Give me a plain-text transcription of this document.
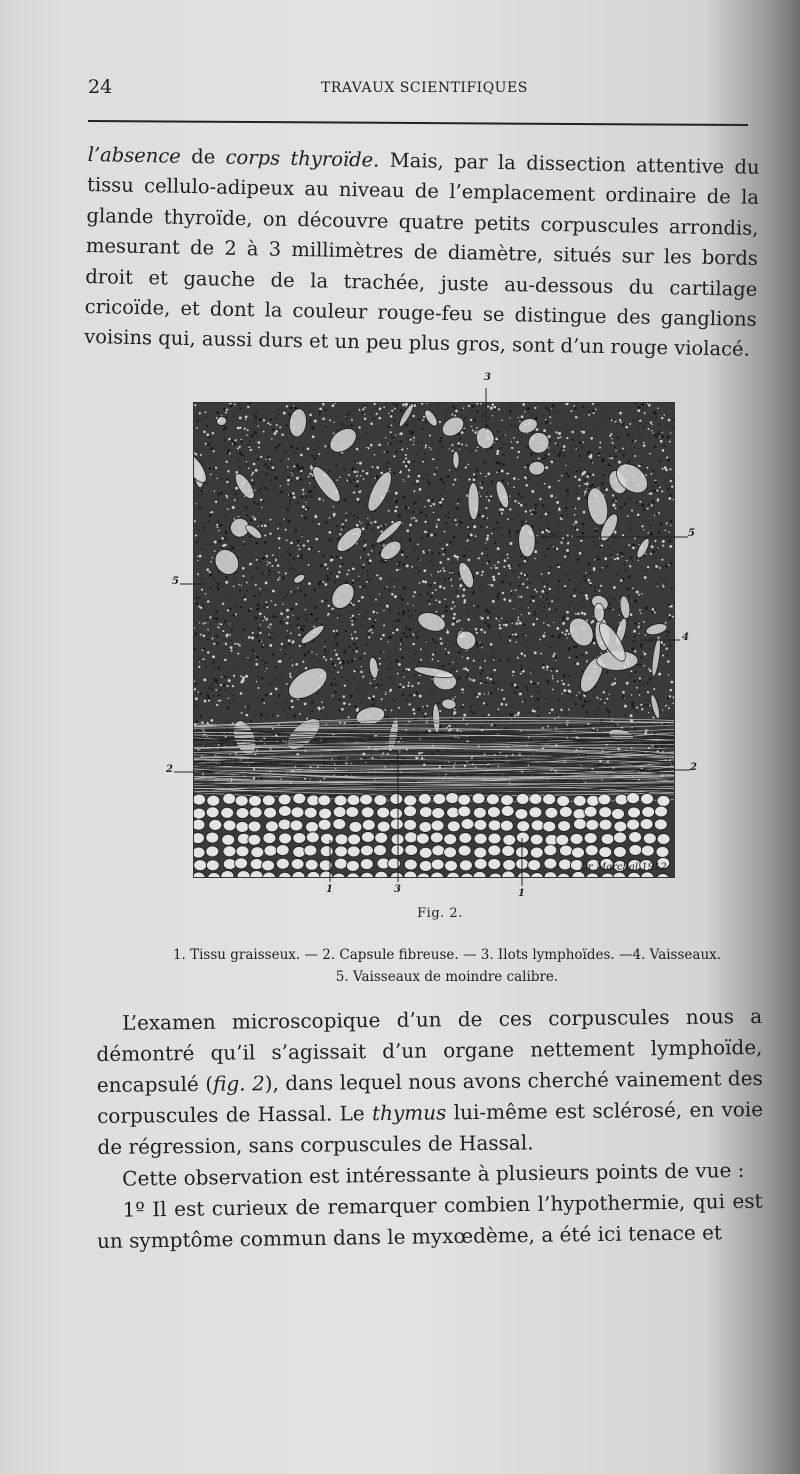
24	TRAVAUX SCIENTIFIQUES

l’absence de corps thyroïde. Mais, par la dissection attentive du tissu cellulo-adipeux au niveau de l’emplacement ordinaire de la glande thyroïde, on découvre quatre petits corpuscules arrondis, mesurant de 2 à 3 millimètres de diamètre, situés sur les bords droit et gauche de la trachée, juste au-dessous du cartilage cricoïde, et dont la couleur rouge-feu se distingue des ganglions voisins qui, aussi durs et un peu plus gros, sont d’un rouge violacé.

3
5
5
4
2	2
1	3	1
Dr Marchal 1912
Fig. 2.
1. Tissu graisseux. — 2. Capsule fibreuse. — 3. Ilots lymphoïdes. —4. Vaisseaux.
5. Vaisseaux de moindre calibre.

L’examen microscopique d’un de ces corpuscules nous a démontré qu’il s’agissait d’un organe nettement lymphoïde, encapsulé (fig. 2), dans lequel nous avons cherché vainement des corpuscules de Hassal. Le thymus lui-même est sclérosé, en voie de régression, sans corpuscules de Hassal.

Cette observation est intéressante à plusieurs points de vue :

1º Il est curieux de remarquer combien l’hypothermie, qui est un symptôme commun dans le myxœdème, a été ici tenace et
